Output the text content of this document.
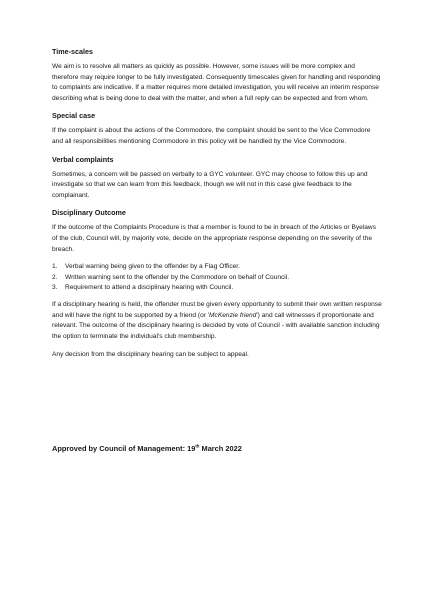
Time-scales

We aim is to resolve all matters as quickly as possible. However, some issues will be more complex and therefore may require longer to be fully investigated. Consequently timescales given for handling and responding to complaints are indicative. If a matter requires more detailed investigation, you will receive an interim response describing what is being done to deal with the matter, and when a full reply can be expected and from whom.

Special case

If the complaint is about the actions of the Commodore, the complaint should be sent to the Vice Commodore and all responsibilities mentioning Commodore in this policy will be handled by the Vice Commodore.

Verbal complaints

Sometimes, a concern will be passed on verbally to a GYC volunteer. GYC may choose to follow this up and investigate so that we can learn from this feedback, though we will not in this case give feedback to the complainant.

Disciplinary Outcome

If the outcome of the Complaints Procedure is that a member is found to be in breach of the Articles or Byelaws of the club, Council will, by majority vote, decide on the appropriate response depending on the severity of the breach.

1. Verbal warning being given to the offender by a Flag Officer.
2. Written warning sent to the offender by the Commodore on behalf of Council.
3. Requirement to attend a disciplinary hearing with Council.

If a disciplinary hearing is held, the offender must be given every opportunity to submit their own written response and will have the right to be supported by a friend (or 'McKenzie friend') and call witnesses if proportionate and relevant. The outcome of the disciplinary hearing is decided by vote of Council - with available sanction including the option to terminate the individual's club membership.

Any decision from the disciplinary hearing can be subject to appeal.

Approved by Council of Management: 19th March 2022
